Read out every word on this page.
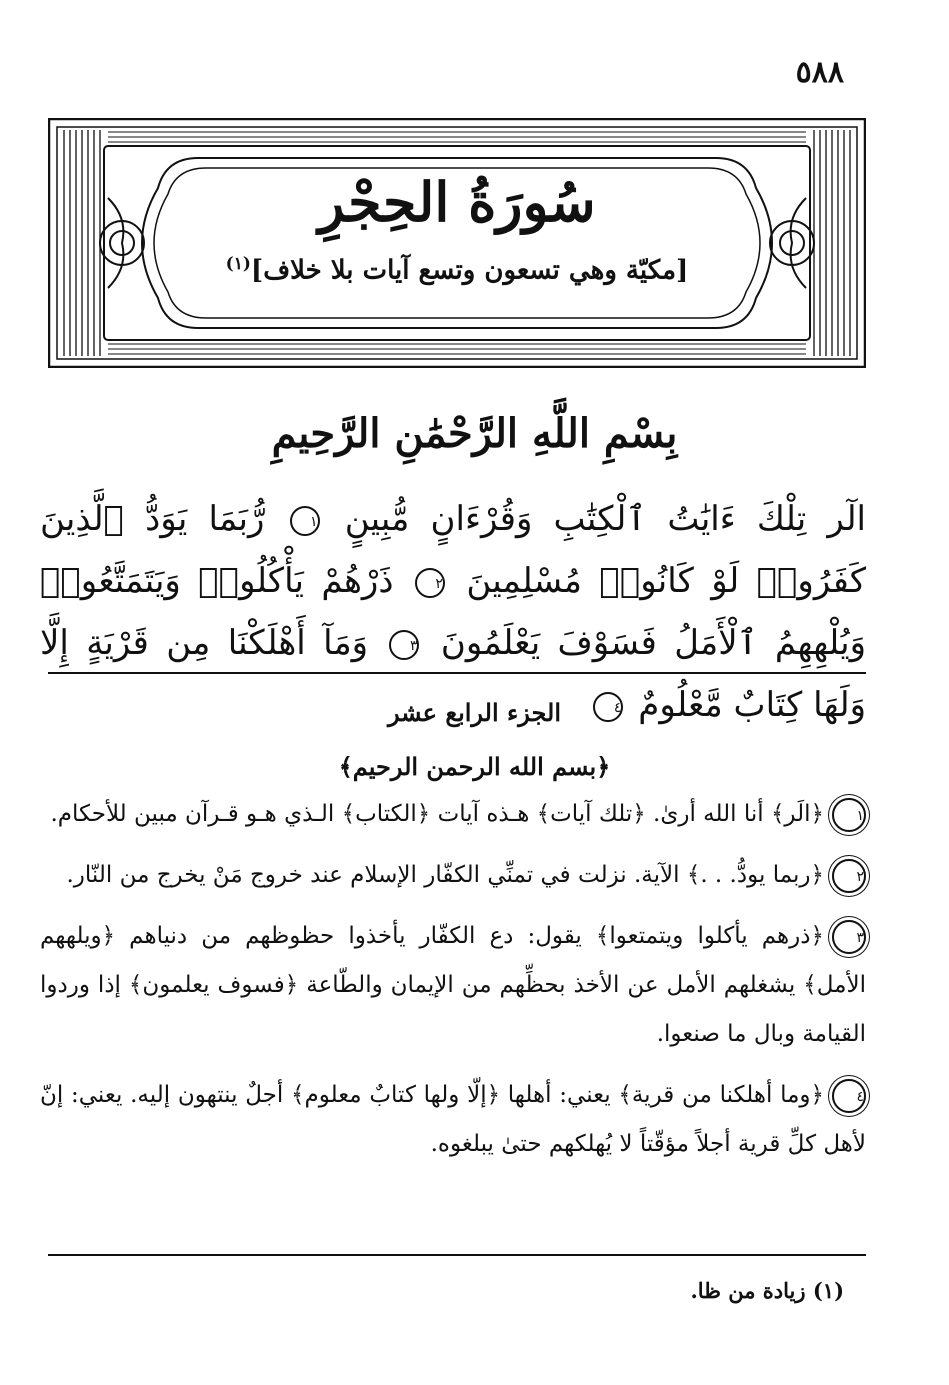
٥٨٨
سُورَةُ الحِجْرِ
[مكيّة وهي تسعون وتسع آيات بلا خلاف]$^{(١)}$
بِسْمِ اللَّهِ الرَّحْمَٰنِ الرَّحِيمِ
الٓر تِلْكَ ءَايَٰتُ ٱلْكِتَٰبِ وَقُرْءَانٍ مُّبِينٍ ١ رُّبَمَا يَوَدُّ ٱلَّذِينَ كَفَرُوا۟ لَوْ كَانُوا۟ مُسْلِمِينَ ٢ ذَرْهُمْ يَأْكُلُوا۟ وَيَتَمَتَّعُوا۟ وَيُلْهِهِمُ ٱلْأَمَلُ فَسَوْفَ يَعْلَمُونَ ٣ وَمَآ أَهْلَكْنَا مِن قَرْيَةٍ إِلَّا وَلَهَا كِتَابٌ مَّعْلُومٌ ٤
الجزء الرابع عشر
﴿بسم الله الرحمن الرحيم﴾

١﴿الَر﴾ أنا الله أرىٰ. ﴿تلك آيات﴾ هـذه آيات ﴿الكتاب﴾ الـذي هـو قـرآن مبين للأحكام.

٢﴿ربما يودُّ. . .﴾ الآية. نزلت في تمنِّي الكفّار الإسلام عند خروج مَنْ يخرج من النّار.

٣﴿ذرهم يأكلوا ويتمتعوا﴾ يقول: دع الكفّار يأخذوا حظوظهم من دنياهم ﴿ويلههم الأمل﴾ يشغلهم الأمل عن الأخذ بحظِّهم من الإيمان والطّاعة ﴿فسوف يعلمون﴾ إذا وردوا القيامة وبال ما صنعوا.

٤﴿وما أهلكنا من قرية﴾ يعني: أهلها ﴿إلّا ولها كتابٌ معلوم﴾ أجلٌ ينتهون إليه. يعني: إنّ لأهل كلِّ قرية أجلاً مؤقّتاً لا يُهلكهم حتىٰ يبلغوه.

(١) زيادة من ظا.
